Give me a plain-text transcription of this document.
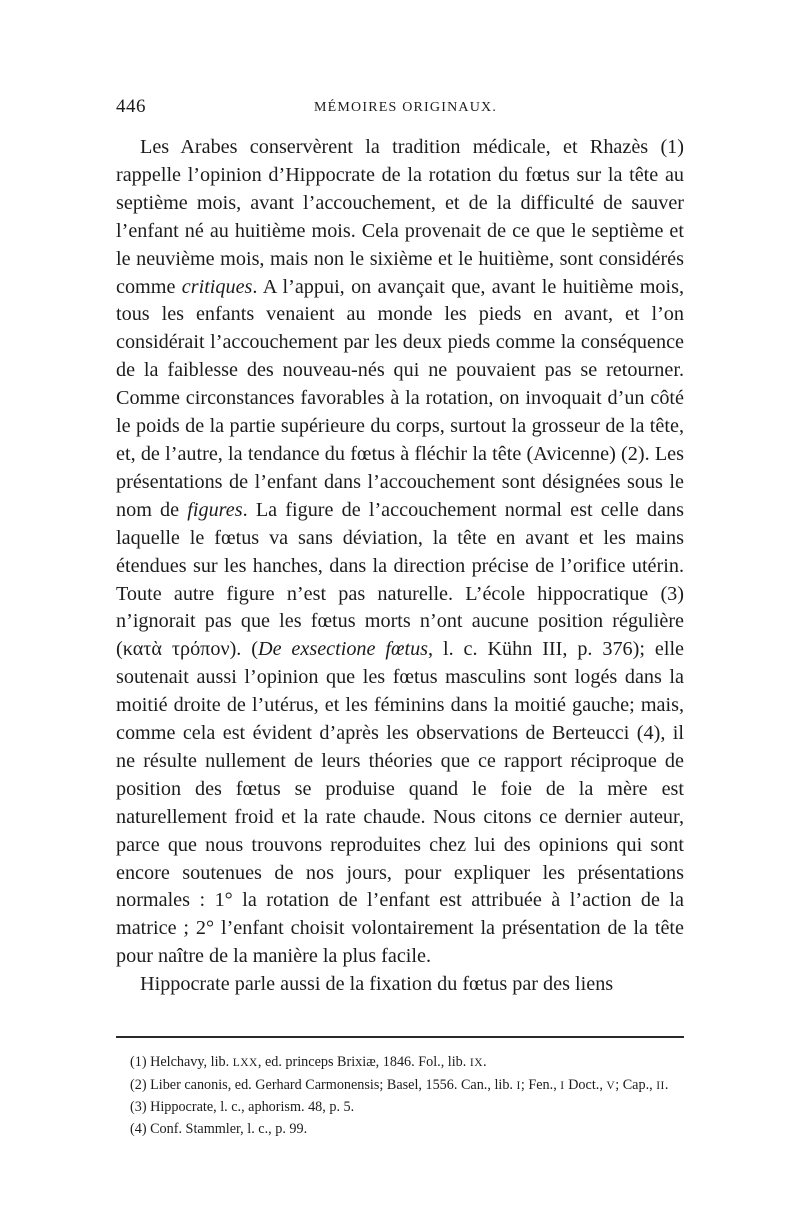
446	MÉMOIRES ORIGINAUX.

Les Arabes conservèrent la tradition médicale, et Rhazès (1) rappelle l’opinion d’Hippocrate de la rotation du fœtus sur la tête au septième mois, avant l’accouchement, et de la difficulté de sauver l’enfant né au huitième mois. Cela provenait de ce que le septième et le neuvième mois, mais non le sixième et le huitième, sont considérés comme critiques. A l’appui, on avançait que, avant le huitième mois, tous les enfants venaient au monde les pieds en avant, et l’on considérait l’accouchement par les deux pieds comme la conséquence de la faiblesse des nouveau-nés qui ne pouvaient pas se retourner. Comme circonstances favorables à la rotation, on invoquait d’un côté le poids de la partie supérieure du corps, surtout la grosseur de la tête, et, de l’autre, la tendance du fœtus à fléchir la tête (Avicenne) (2). Les présentations de l’enfant dans l’accouchement sont désignées sous le nom de figures. La figure de l’accouchement normal est celle dans laquelle le fœtus va sans déviation, la tête en avant et les mains étendues sur les hanches, dans la direction précise de l’orifice utérin. Toute autre figure n’est pas naturelle. L’école hippocratique (3) n’ignorait pas que les fœtus morts n’ont aucune position régulière (κατὰ τρόπον). (De exsectione fœtus, l. c. Kühn III, p. 376); elle soutenait aussi l’opinion que les fœtus masculins sont logés dans la moitié droite de l’utérus, et les féminins dans la moitié gauche; mais, comme cela est évident d’après les observations de Berteucci (4), il ne résulte nullement de leurs théories que ce rapport réciproque de position des fœtus se produise quand le foie de la mère est naturellement froid et la rate chaude. Nous citons ce dernier auteur, parce que nous trouvons reproduites chez lui des opinions qui sont encore soutenues de nos jours, pour expliquer les présentations normales : 1° la rotation de l’enfant est attribuée à l’action de la matrice ; 2° l’enfant choisit volontairement la présentation de la tête pour naître de la manière la plus facile.

Hippocrate parle aussi de la fixation du fœtus par des liens

(1) Helchavy, lib. LXX, ed. princeps Brixiæ, 1846. Fol., lib. IX.

(2) Liber canonis, ed. Gerhard Carmonensis; Basel, 1556. Can., lib. I; Fen., I Doct., V; Cap., II.

(3) Hippocrate, l. c., aphorism. 48, p. 5.

(4) Conf. Stammler, l. c., p. 99.
